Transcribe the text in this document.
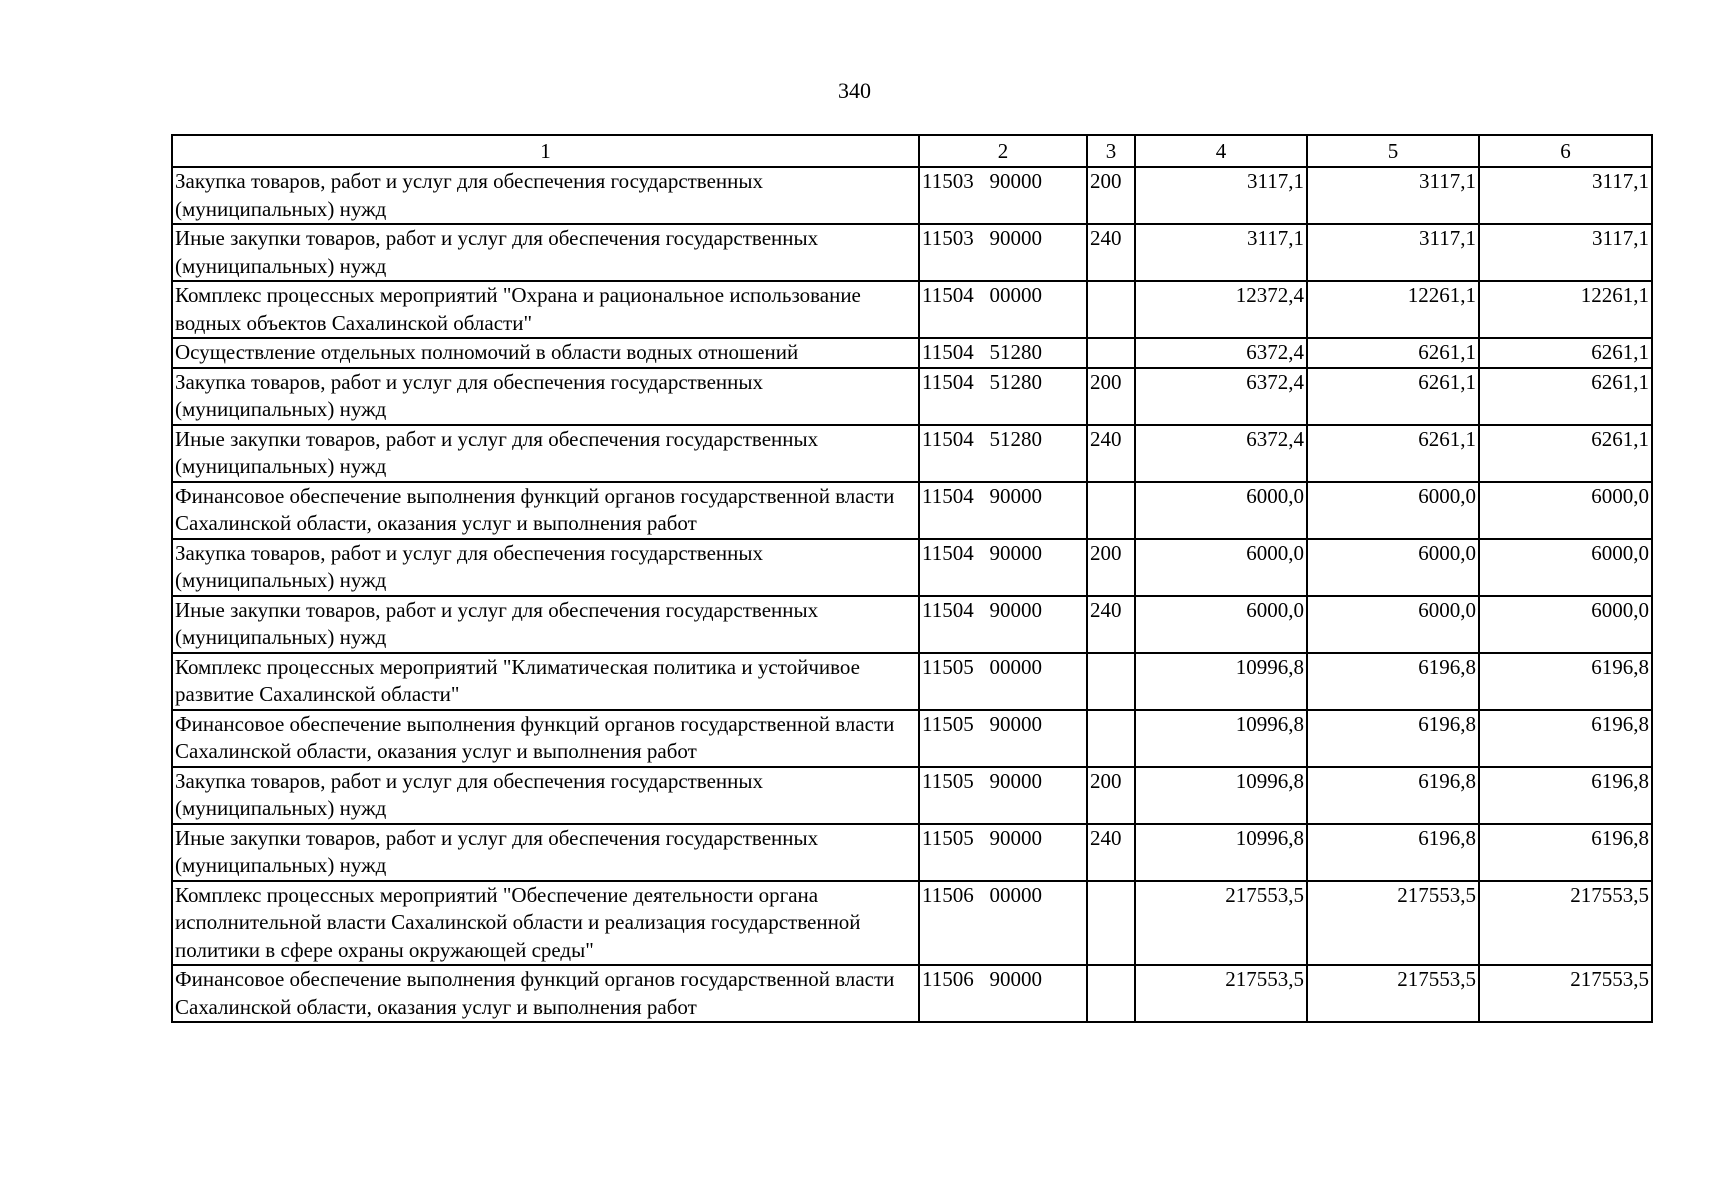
340
1	2	3	4	5	6
Закупка товаров, работ и услуг для обеспечения государственных (муниципальных) нужд	11503   90000	200	3117,1	3117,1	3117,1
Иные закупки товаров, работ и услуг для обеспечения государственных (муниципальных) нужд	11503   90000	240	3117,1	3117,1	3117,1
Комплекс процессных мероприятий "Охрана и рациональное использование водных объектов Сахалинской области"	11504   00000		12372,4	12261,1	12261,1
Осуществление отдельных полномочий в области водных отношений	11504   51280		6372,4	6261,1	6261,1
Закупка товаров, работ и услуг для обеспечения государственных (муниципальных) нужд	11504   51280	200	6372,4	6261,1	6261,1
Иные закупки товаров, работ и услуг для обеспечения государственных (муниципальных) нужд	11504   51280	240	6372,4	6261,1	6261,1
Финансовое обеспечение выполнения функций органов государственной власти Сахалинской области, оказания услуг и выполнения работ	11504   90000		6000,0	6000,0	6000,0
Закупка товаров, работ и услуг для обеспечения государственных (муниципальных) нужд	11504   90000	200	6000,0	6000,0	6000,0
Иные закупки товаров, работ и услуг для обеспечения государственных (муниципальных) нужд	11504   90000	240	6000,0	6000,0	6000,0
Комплекс процессных мероприятий "Климатическая политика и устойчивое развитие Сахалинской области"	11505   00000		10996,8	6196,8	6196,8
Финансовое обеспечение выполнения функций органов государственной власти Сахалинской области, оказания услуг и выполнения работ	11505   90000		10996,8	6196,8	6196,8
Закупка товаров, работ и услуг для обеспечения государственных (муниципальных) нужд	11505   90000	200	10996,8	6196,8	6196,8
Иные закупки товаров, работ и услуг для обеспечения государственных (муниципальных) нужд	11505   90000	240	10996,8	6196,8	6196,8
Комплекс процессных мероприятий "Обеспечение деятельности органа исполнительной власти Сахалинской области и реализация государственной политики в сфере охраны окружающей среды"	11506   00000		217553,5	217553,5	217553,5
Финансовое обеспечение выполнения функций органов государственной власти Сахалинской области, оказания услуг и выполнения работ	11506   90000		217553,5	217553,5	217553,5
